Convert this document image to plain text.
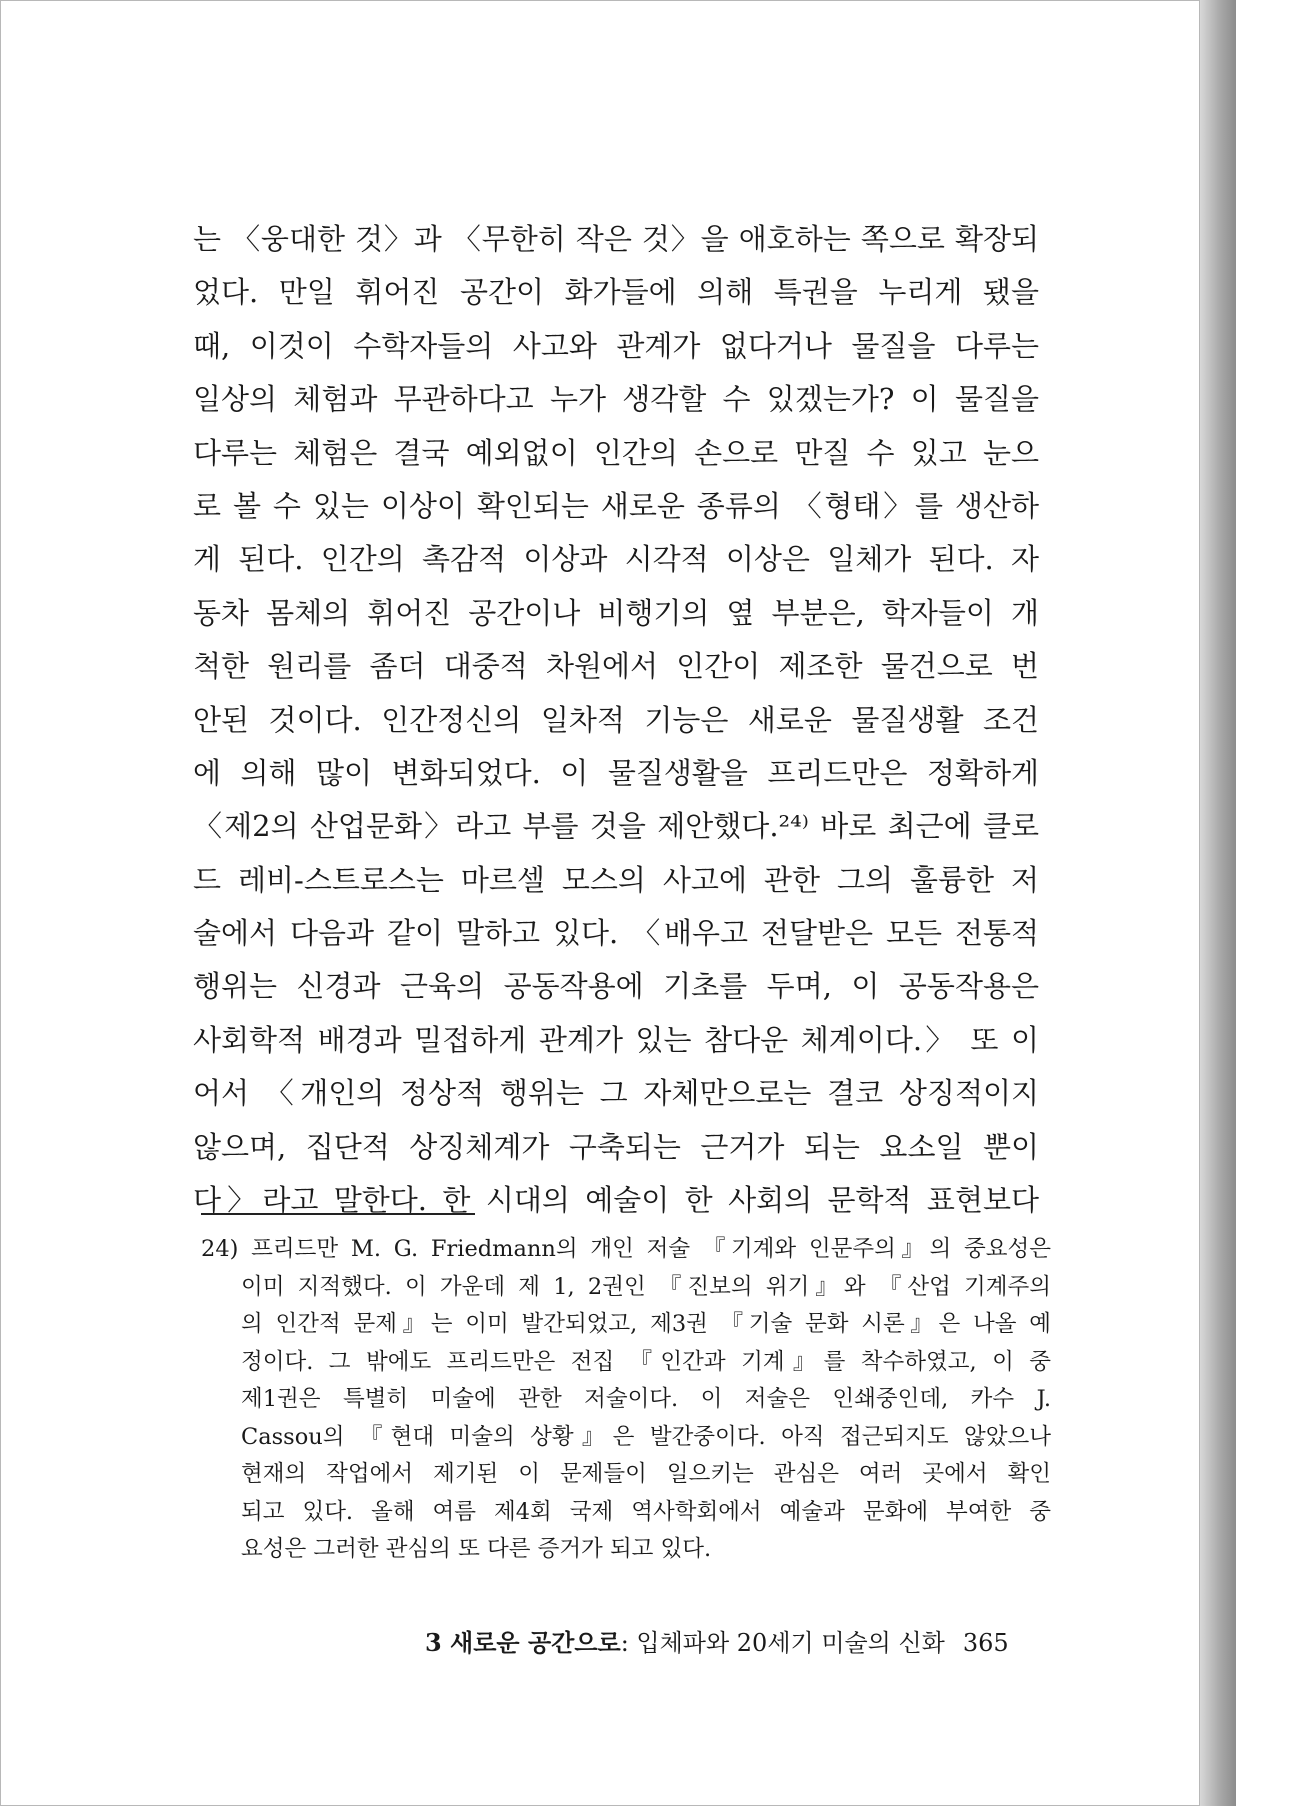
는 〈웅대한 것〉과 〈무한히 작은 것〉을 애호하는 쪽으로 확장되
었다. 만일 휘어진 공간이 화가들에 의해 특권을 누리게 됐을
때, 이것이 수학자들의 사고와 관계가 없다거나 물질을 다루는
일상의 체험과 무관하다고 누가 생각할 수 있겠는가? 이 물질을
다루는 체험은 결국 예외없이 인간의 손으로 만질 수 있고 눈으
로 볼 수 있는 이상이 확인되는 새로운 종류의 〈형태〉를 생산하
게 된다. 인간의 촉감적 이상과 시각적 이상은 일체가 된다. 자
동차 몸체의 휘어진 공간이나 비행기의 옆 부분은, 학자들이 개
척한 원리를 좀더 대중적 차원에서 인간이 제조한 물건으로 번
안된 것이다. 인간정신의 일차적 기능은 새로운 물질생활 조건
에 의해 많이 변화되었다. 이 물질생활을 프리드만은 정확하게
〈제2의 산업문화〉라고 부를 것을 제안했다.²⁴⁾ 바로 최근에 클로
드 레비-스트로스는 마르셀 모스의 사고에 관한 그의 훌륭한 저
술에서 다음과 같이 말하고 있다. 〈배우고 전달받은 모든 전통적
행위는 신경과 근육의 공동작용에 기초를 두며, 이 공동작용은
사회학적 배경과 밀접하게 관계가 있는 참다운 체계이다.〉 또 이
어서 〈개인의 정상적 행위는 그 자체만으로는 결코 상징적이지
않으며, 집단적 상징체계가 구축되는 근거가 되는 요소일 뿐이
다〉라고 말한다. 한 시대의 예술이 한 사회의 문학적 표현보다
24) 프리드만 M. G. Friedmann의 개인 저술 『기계와 인문주의』의 중요성은
이미 지적했다. 이 가운데 제 1, 2권인 『진보의 위기』와 『산업 기계주의
의 인간적 문제』는 이미 발간되었고, 제3권 『기술 문화 시론』은 나올 예
정이다. 그 밖에도 프리드만은 전집 『인간과 기계』를 착수하였고, 이 중
제1권은 특별히 미술에 관한 저술이다. 이 저술은 인쇄중인데, 카수 J.
Cassou의 『현대 미술의 상황』은 발간중이다. 아직 접근되지도 않았으나
현재의 작업에서 제기된 이 문제들이 일으키는 관심은 여러 곳에서 확인
되고 있다. 올해 여름 제4회 국제 역사학회에서 예술과 문화에 부여한 중
요성은 그러한 관심의 또 다른 증거가 되고 있다.
3 새로운 공간으로: 입체파와 20세기 미술의 신화 365
